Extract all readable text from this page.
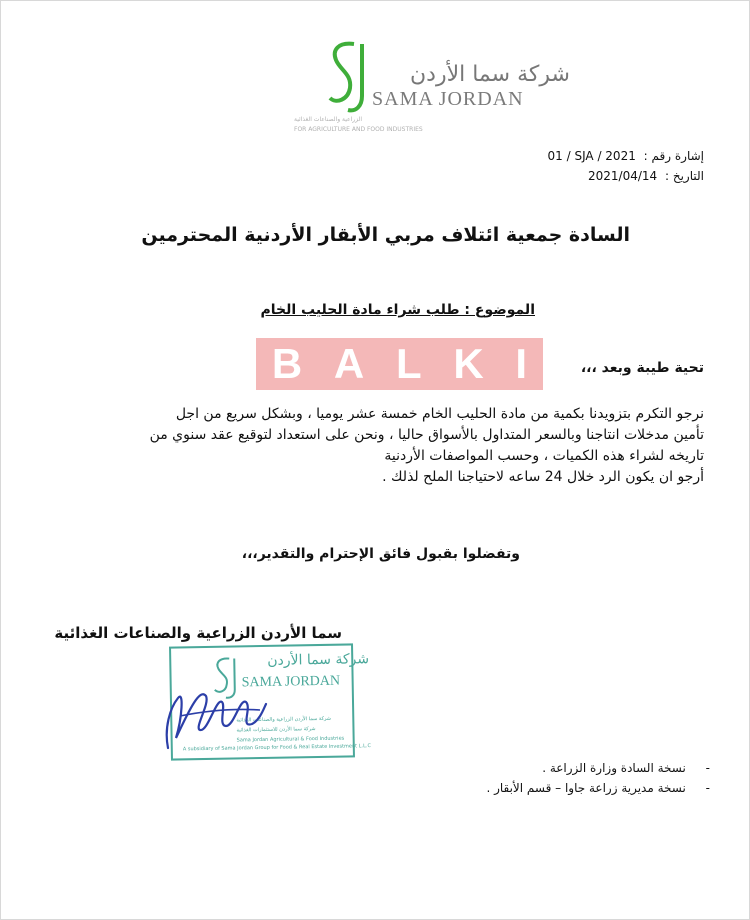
شركة سما الأردن
SAMA JORDAN
الزراعية والصناعات الغذائية
FOR AGRICULTURE AND FOOD INDUSTRIES
إشارة رقم : 01 / SJA / 2021
التاريخ : 2021/04/14
السادة جمعية ائتلاف مربي الأبقار الأردنية المحترمين
الموضوع : طلب شراء مادة الحليب الخام
B A L K I	تحية طيبة وبعد ،،،
نرجو التكرم بتزويدنا بكمية من مادة الحليب الخام خمسة عشر يوميا ، وبشكل سريع من اجل
تأمين مدخلات انتاجنا وبالسعر المتداول بالأسواق حاليا ، ونحن على استعداد لتوقيع عقد سنوي من
تاريخه لشراء هذه الكميات ، وحسب المواصفات الأردنية
أرجو ان يكون الرد خلال 24 ساعه لاحتياجنا الملح لذلك .
وتفضلوا بقبول فائق الإحترام والتقدير،،،
سما الأردن الزراعية والصناعات الغذائية
شركة سما الأردن
SAMA JORDAN
شركة سما الأردن الزراعية والصناعات الغذائية
شركة سما الأردن للاستثمارات الغذائية
Sama Jordan Agricultural & Food Industries
A subsidiary of Sama Jordan Group for Food & Real Estate Investment L.L.C
- نسخة السادة وزارة الزراعة .
- نسخة مديرية زراعة جاوا – قسم الأبقار .
